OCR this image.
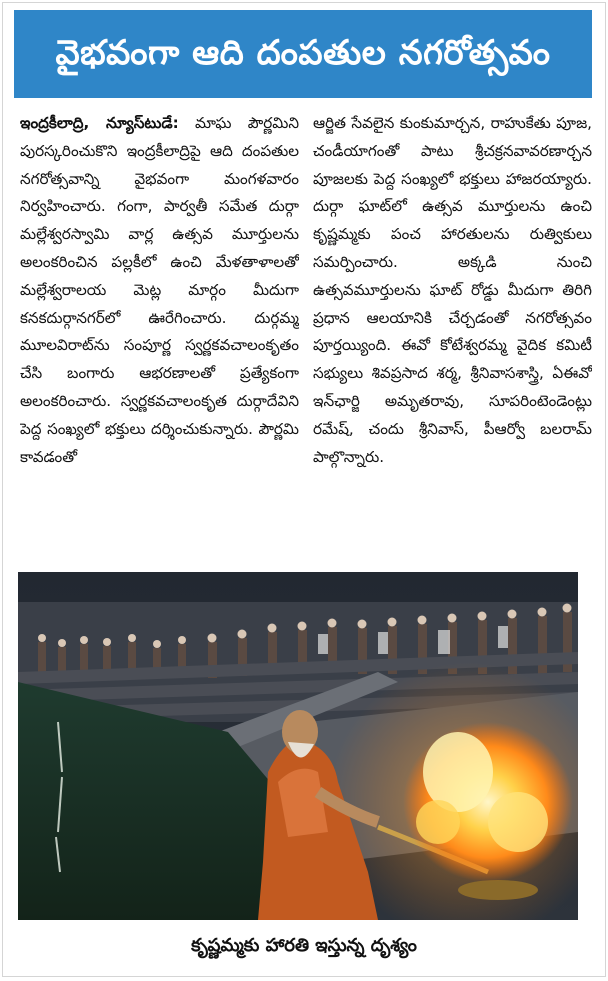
వైభవంగా ఆది దంపతుల నగరోత్సవం
ఇంద్రకీలాద్రి, న్యూస్‌టుడే: మాఘ పౌర్ణమిని పురస్కరించుకొని ఇంద్రకీలాద్రిపై ఆది దంపతుల నగరోత్సవాన్ని వైభవంగా మంగళవారం నిర్వహించారు. గంగా, పార్వతీ సమేత దుర్గా మల్లేశ్వరస్వామి వార్ల ఉత్సవ మూర్తులను అలంకరించిన పల్లకీలో ఉంచి మేళతాళాలతో మల్లేశ్వరాలయ మెట్ల మార్గం మీదుగా కనకదుర్గానగర్‌లో ఊరేగించారు. దుర్గమ్మ మూలవిరాట్‌ను సంపూర్ణ స్వర్ణకవచాలంకృతం చేసి బంగారు ఆభరణాలతో ప్రత్యేకంగా అలంకరించారు. స్వర్ణకవచాలంకృత దుర్గాదేవిని పెద్ద సంఖ్యలో భక్తులు దర్శించుకున్నారు. పౌర్ణమి కావడంతో
ఆర్జిత సేవలైన కుంకుమార్చన, రాహుకేతు పూజ, చండీయాగంతో పాటు శ్రీచక్రనవావరణార్చన పూజలకు పెద్ద సంఖ్యలో భక్తులు హాజరయ్యారు. దుర్గా ఘాట్‌లో ఉత్సవ మూర్తులను ఉంచి కృష్ణమ్మకు పంచ హారతులను రుత్వికులు సమర్పించారు. అక్కడి నుంచి ఉత్సవమూర్తులను ఘాట్ రోడ్డు మీదుగా తిరిగి ప్రధాన ఆలయానికి చేర్చడంతో నగరోత్సవం పూర్తయ్యింది. ఈవో కోటేశ్వరమ్మ వైదిక కమిటీ సభ్యులు శివప్రసాద శర్మ, శ్రీనివాసశాస్త్రి, ఏఈవో ఇన్‌ఛార్జి అమృతరావు, సూపరింటెండెంట్లు రమేష్, చందు శ్రీనివాస్, పీఆర్వో బలరామ్ పాల్గొన్నారు.
కృష్ణమ్మకు హారతి ఇస్తున్న దృశ్యం
